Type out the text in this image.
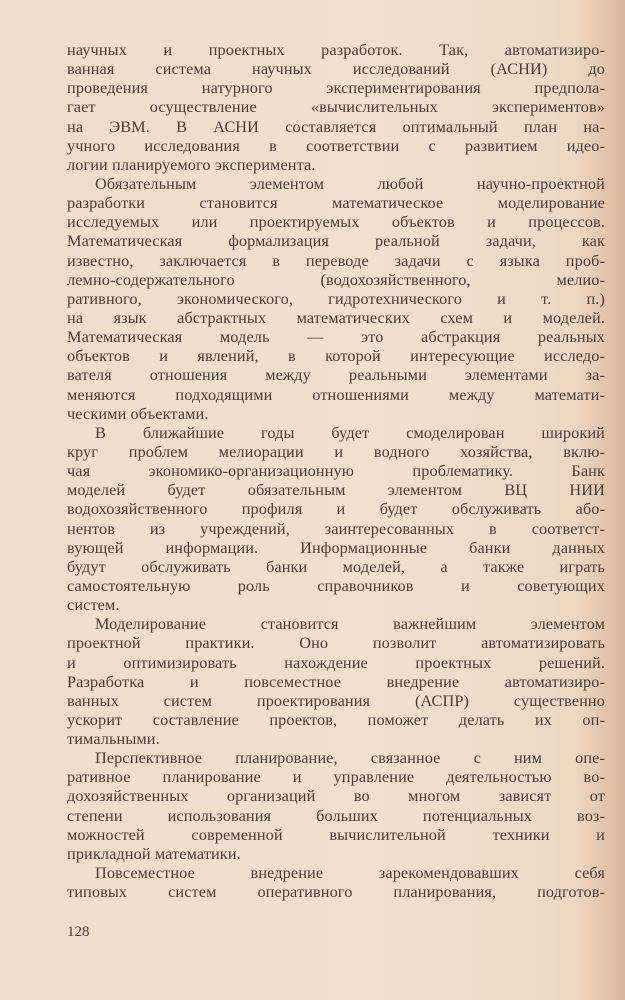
научных и проектных разработок. Так, автоматизиро-
ванная система научных исследований (АСНИ) до
проведения натурного экспериментирования предпола-
гает осуществление «вычислительных экспериментов»
на ЭВМ. В АСНИ составляется оптимальный план на-
учного исследования в соответствии с развитием идео-
логии планируемого эксперимента.
Обязательным элементом любой научно-проектной
разработки становится математическое моделирование
исследуемых или проектируемых объектов и процессов.
Математическая формализация реальной задачи, как
известно, заключается в переводе задачи с языка проб-
лемно-содержательного (водохозяйственного, мелио-
ративного, экономического, гидротехнического и т. п.)
на язык абстрактных математических схем и моделей.
Математическая модель — это абстракция реальных
объектов и явлений, в которой интересующие исследо-
вателя отношения между реальными элементами за-
меняются подходящими отношениями между математи-
ческими объектами.
В ближайшие годы будет смоделирован широкий
круг проблем мелиорации и водного хозяйства, вклю-
чая экономико-организационную проблематику. Банк
моделей будет обязательным элементом ВЦ НИИ
водохозяйственного профиля и будет обслуживать або-
нентов из учреждений, заинтересованных в соответст-
вующей информации. Информационные банки данных
будут обслуживать банки моделей, а также играть
самостоятельную роль справочников и советующих
систем.
Моделирование становится важнейшим элементом
проектной практики. Оно позволит автоматизировать
и оптимизировать нахождение проектных решений.
Разработка и повсеместное внедрение автоматизиро-
ванных систем проектирования (АСПР) существенно
ускорит составление проектов, поможет делать их оп-
тимальными.
Перспективное планирование, связанное с ним опе-
ративное планирование и управление деятельностью во-
дохозяйственных организаций во многом зависят от
степени использования больших потенциальных воз-
можностей современной вычислительной техники и
прикладной математики.
Повсеместное внедрение зарекомендовавших себя
типовых систем оперативного планирования, подготов-
128
